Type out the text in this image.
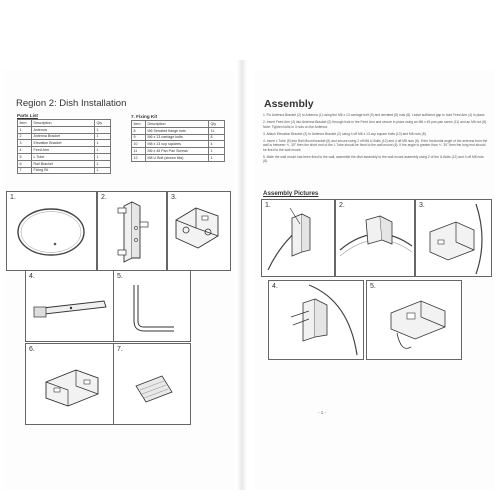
Region 2: Dish Installation
Parts List
Item	Description	Qty
1	Antenna	1
2	Antenna Bracket	1
3	Elevation Bracket	1
4	Feed Arm	1
5	L Tube	1
6	Rail Bracket	1
7	Fixing Kit	1
7. Fixing Kit
Item	Description	Qty
8	M6 Serrated flange nuts	11
9	M6 x 13 carriage bolts	8
10	M8 x 13 cup squares	4
11	M6 x 45 Pan Pan Screws	1
12	M8 U Bolt (shown kits)	1
1.	2.	3.
4.	5.
6.	7.
Assembly

1. Fix Antenna Bracket (2) to Antenna (1) using the M6 x 13 carriage bolt (9) and serrated (8) nuts (8). Leave sufficient gap to hold Feed Arm (4) in place.

2. Insert Feed Arm (4) into Antenna Bracket (2) through hole in the Feed Arm and secure in place using an M6 x 45 pan pan screw (11) and an M6 nut (8). Note: Tighten bolts in 3 nuts on the Antenna.

3. Attach Elevation Bracket (3) to Antenna Bracket (2) using 4 off M6 x 13 cup square bolts (10) and M6 nuts (8).

4. Insert L Tube (5) into Rail Mount bracket (6) and secure using 2 off M8 U-Bolts (12) and 4 off M8 nuts (8). If the horizontal angle of the antenna from the wall is between +/- 30° then the short end of the L Tube should be fixed to the wall mount (6). If the angle is greater than +/- 30° then the long end should be fixed to the wall mount.

5. Mate the wall mount has been fixed to the wall, assemble the dish assembly to the wall mount assembly using 2 of the U-Bolts (12) and 4 off M8 nuts (8).

Assembly Pictures
1.	2.	3.
4.	5.
- 1 -
